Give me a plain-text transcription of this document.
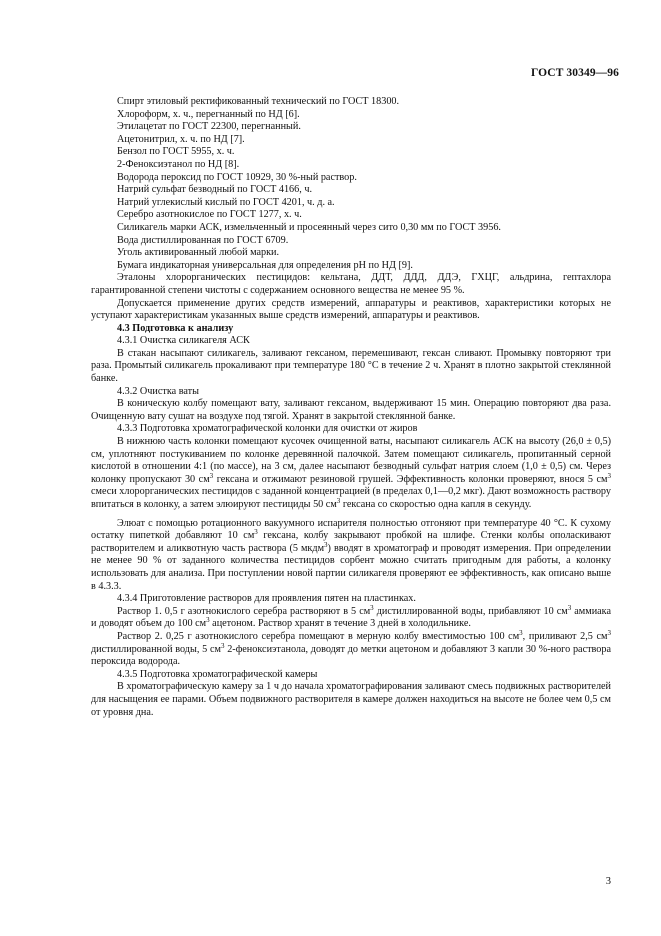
ГОСТ 30349—96

Спирт этиловый ректификованный технический по ГОСТ 18300.

Хлороформ, х. ч., перегнанный по НД [6].

Этилацетат по ГОСТ 22300, перегнанный.

Ацетонитрил, х. ч. по НД [7].

Бензол по ГОСТ 5955, х. ч.

2-Феноксиэтанол по НД [8].

Водорода пероксид по ГОСТ 10929, 30 %-ный раствор.

Натрий сульфат безводный по ГОСТ 4166, ч.

Натрий углекислый кислый по ГОСТ 4201, ч. д. а.

Серебро азотнокислое по ГОСТ 1277, х. ч.

Силикагель марки АСК, измельченный и просеянный через сито 0,30 мм по ГОСТ 3956.

Вода дистиллированная по ГОСТ 6709.

Уголь активированный любой марки.

Бумага индикаторная универсальная для определения рН по НД [9].

Эталоны хлорорганических пестицидов: кельтана, ДДТ, ДДД, ДДЭ, ГХЦГ, альдрина, гептахлора гарантированной степени чистоты с содержанием основного вещества не менее 95 %.

Допускается применение других средств измерений, аппаратуры и реактивов, характеристики которых не уступают характеристикам указанных выше средств измерений, аппаратуры и реактивов.

4.3 Подготовка к анализу

4.3.1 Очистка силикагеля АСК

В стакан насыпают силикагель, заливают гексаном, перемешивают, гексан сливают. Промывку повторяют три раза. Промытый силикагель прокаливают при температуре 180 °С в течение 2 ч. Хранят в плотно закрытой стеклянной банке.

4.3.2 Очистка ваты

В коническую колбу помещают вату, заливают гексаном, выдерживают 15 мин. Операцию повторяют два раза. Очищенную вату сушат на воздухе под тягой. Хранят в закрытой стеклянной банке.

4.3.3 Подготовка хроматографической колонки для очистки от жиров

В нижнюю часть колонки помещают кусочек очищенной ваты, насыпают силикагель АСК на высоту (26,0 ± 0,5) см, уплотняют постукиванием по колонке деревянной палочкой. Затем помещают силикагель, пропитанный серной кислотой в отношении 4:1 (по массе), на 3 см, далее насыпают безводный сульфат натрия слоем (1,0 ± 0,5) см. Через колонку пропускают 30 $см^3$ гексана и отжимают резиновой грушей. Эффективность колонки проверяют, внося 5 $см^3$ смеси хлорорганических пестицидов с заданной концентрацией (в пределах 0,1—0,2 мкг). Дают возможность раствору впитаться в колонку, а затем элюируют пестициды 50 $см^3$ гексана со скоростью одна капля в секунду.

Элюат с помощью ротационного вакуумного испарителя полностью отгоняют при температуре 40 °С. К сухому остатку пипеткой добавляют 10 $см^3$ гексана, колбу закрывают пробкой на шлифе. Стенки колбы ополаскивают растворителем и аликвотную часть раствора (5 мкдм$^3$) вводят в хроматограф и проводят измерения. При определении не менее 90 % от заданного количества пестицидов сорбент можно считать пригодным для работы, а колонку использовать для анализа. При поступлении новой партии силикагеля проверяют ее эффективность, как описано выше в 4.3.3.

4.3.4 Приготовление растворов для проявления пятен на пластинках.

Раствор 1. 0,5 г азотнокислого серебра растворяют в 5 $см^3$ дистиллированной воды, прибавляют 10 $см^3$ аммиака и доводят объем до 100 $см^3$ ацетоном. Раствор хранят в течение 3 дней в холодильнике.

Раствор 2. 0,25 г азотнокислого серебра помещают в мерную колбу вместимостью 100 $см^3$, приливают 2,5 $см^3$ дистиллированной воды, 5 $см^3$ 2-феноксиэтанола, доводят до метки ацетоном и добавляют 3 капли 30 %-ного раствора пероксида водорода.

4.3.5 Подготовка хроматографической камеры

В хроматографическую камеру за 1 ч до начала хроматографирования заливают смесь подвижных растворителей для насыщения ее парами. Объем подвижного растворителя в камере должен находиться на высоте не более чем 0,5 см от уровня дна.

3
